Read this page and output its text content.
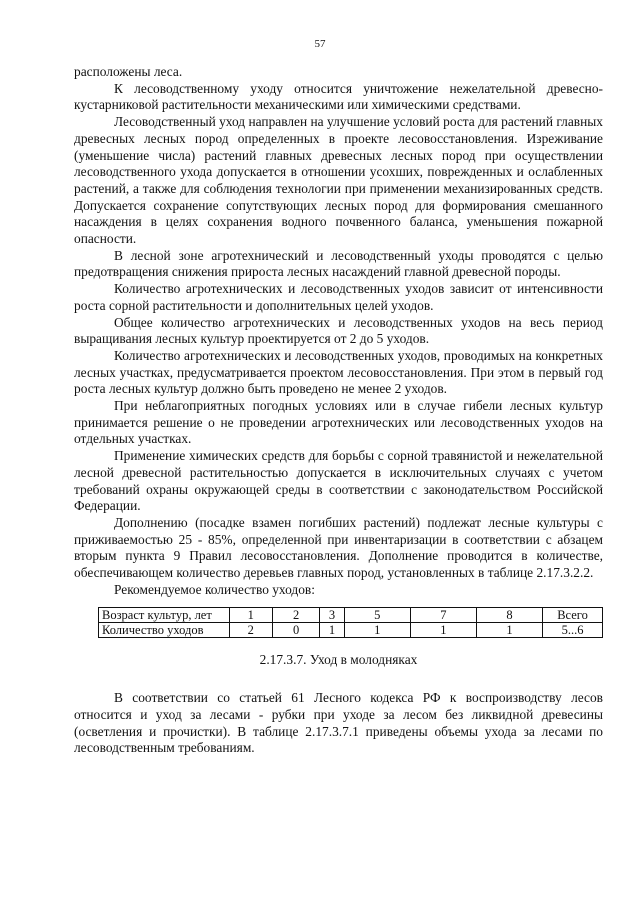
57

расположены леса.

К лесоводственному уходу относится уничтожение нежелательной древесно-кустарниковой растительности механическими или химическими средствами.

Лесоводственный уход направлен на улучшение условий роста для растений главных древесных лесных пород определенных в проекте лесовосстановления. Изреживание (уменьшение числа) растений главных древесных лесных пород при осуществлении лесоводственного ухода допускается в отношении усохших, поврежденных и ослабленных растений, а также для соблюдения технологии при применении механизированных средств. Допускается сохранение сопутствующих лесных пород для формирования смешанного насаждения в целях сохранения водного почвенного баланса, уменьшения пожарной опасности.

В лесной зоне агротехнический и лесоводственный уходы проводятся с целью предотвращения снижения прироста лесных насаждений главной древесной породы.

Количество агротехнических и лесоводственных уходов зависит от интенсивности роста сорной растительности и дополнительных целей уходов.

Общее количество агротехнических и лесоводственных уходов на весь период выращивания лесных культур проектируется от 2 до 5 уходов.

Количество агротехнических и лесоводственных уходов, проводимых на конкретных лесных участках, предусматривается проектом лесовосстановления. При этом в первый год роста лесных культур должно быть проведено не менее 2 уходов.

При неблагоприятных погодных условиях или в случае гибели лесных культур принимается решение о не проведении агротехнических или лесоводственных уходов на отдельных участках.

Применение химических средств для борьбы с сорной травянистой и нежелательной лесной древесной растительностью допускается в исключительных случаях с учетом требований охраны окружающей среды в соответствии с законодательством Российской Федерации.

Дополнению (посадке взамен погибших растений) подлежат лесные культуры с приживаемостью 25 - 85%, определенной при инвентаризации в соответствии с абзацем вторым пункта 9 Правил лесовосстановления. Дополнение проводится в количестве, обеспечивающем количество деревьев главных пород, установленных в таблице 2.17.3.2.2.

Рекомендуемое количество уходов:

Возраст культур, лет	1	2	3	5	7	8	Всего
Количество уходов	2	0	1	1	1	1	5...6
2.17.3.7. Уход в молодняках

В соответствии со статьей 61 Лесного кодекса РФ к воспроизводству лесов относится и уход за лесами - рубки при уходе за лесом без ликвидной древесины (осветления и прочистки). В таблице 2.17.3.7.1 приведены объемы ухода за лесами по лесоводственным требованиям.
